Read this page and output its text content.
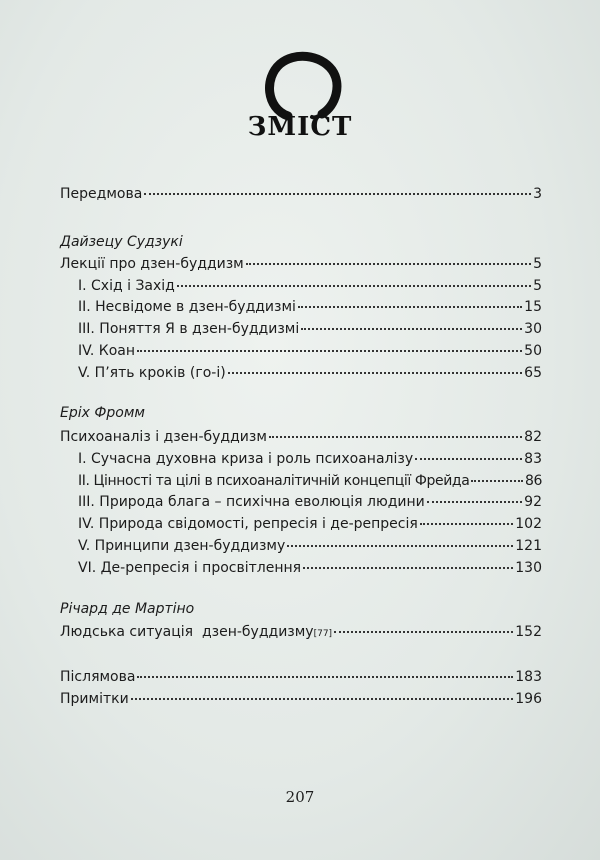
ЗМІСТ
Передмова	3
Дайзецу Судзукі
Лекції про дзен-буддизм	5
I. Схід і Захід	5
II. Несвідоме в дзен-буддизмі	15
III. Поняття Я в дзен-буддизмі	30
IV. Коан	50
V. П’ять кроків (го-і)	65
Еріх Фромм
Психоаналіз і дзен-буддизм	82
I. Сучасна духовна криза і роль психоаналізу	83
II. Цінності та цілі в психоаналітичній концепції Фрейда	86
III. Природа блага – психічна еволюція людини	92
IV. Природа свідомості, репресія і де-репресія	102
V. Принципи дзен-буддизму	121
VI. Де-репресія і просвітлення	130
Річард де Мартіно
Людська ситуація  дзен-буддизму [77]	152
Післямова	183
Примітки	196
207
